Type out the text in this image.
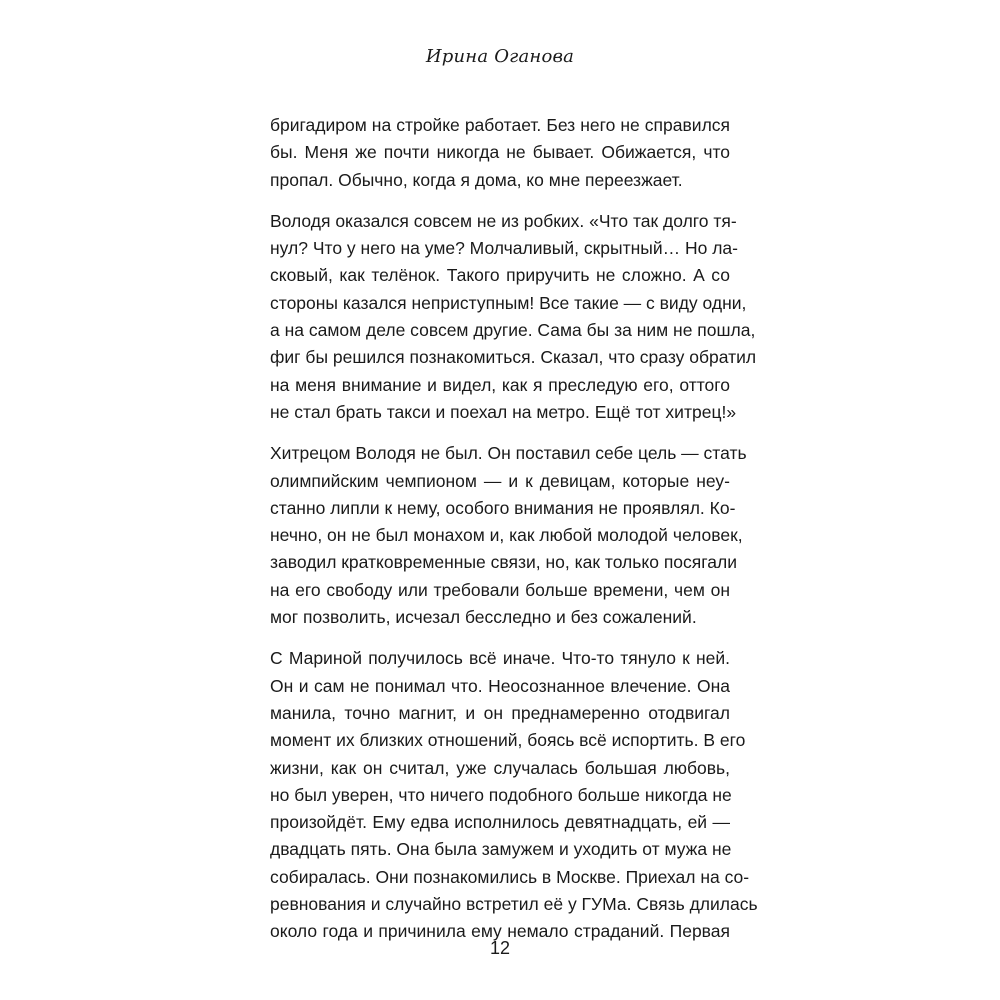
Ирина Оганова
бригадиром на стройке работает. Без него не справился
бы. Меня же почти никогда не бывает. Обижается, что
пропал. Обычно, когда я дома, ко мне переезжает.
Володя оказался совсем не из робких. «Что так долго тя-
нул? Что у него на уме? Молчаливый, скрытный… Но ла-
сковый, как телёнок. Такого приручить не сложно. А со
стороны казался неприступным! Все такие — с виду одни,
а на самом деле совсем другие. Сама бы за ним не пошла,
фиг бы решился познакомиться. Сказал, что сразу обратил
на меня внимание и видел, как я преследую его, оттого
не стал брать такси и поехал на метро. Ещё тот хитрец!»
Хитрецом Володя не был. Он поставил себе цель — стать
олимпийским чемпионом — и к девицам, которые неу-
станно липли к нему, особого внимания не проявлял. Ко-
нечно, он не был монахом и, как любой молодой человек,
заводил кратковременные связи, но, как только посягали
на его свободу или требовали больше времени, чем он
мог позволить, исчезал бесследно и без сожалений.
С Мариной получилось всё иначе. Что-то тянуло к ней.
Он и сам не понимал что. Неосознанное влечение. Она
манила, точно магнит, и он преднамеренно отодвигал
момент их близких отношений, боясь всё испортить. В его
жизни, как он считал, уже случалась большая любовь,
но был уверен, что ничего подобного больше никогда не
произойдёт. Ему едва исполнилось девятнадцать, ей —
двадцать пять. Она была замужем и уходить от мужа не
собиралась. Они познакомились в Москве. Приехал на со-
ревнования и случайно встретил её у ГУМа. Связь длилась
около года и причинила ему немало страданий. Первая
12
